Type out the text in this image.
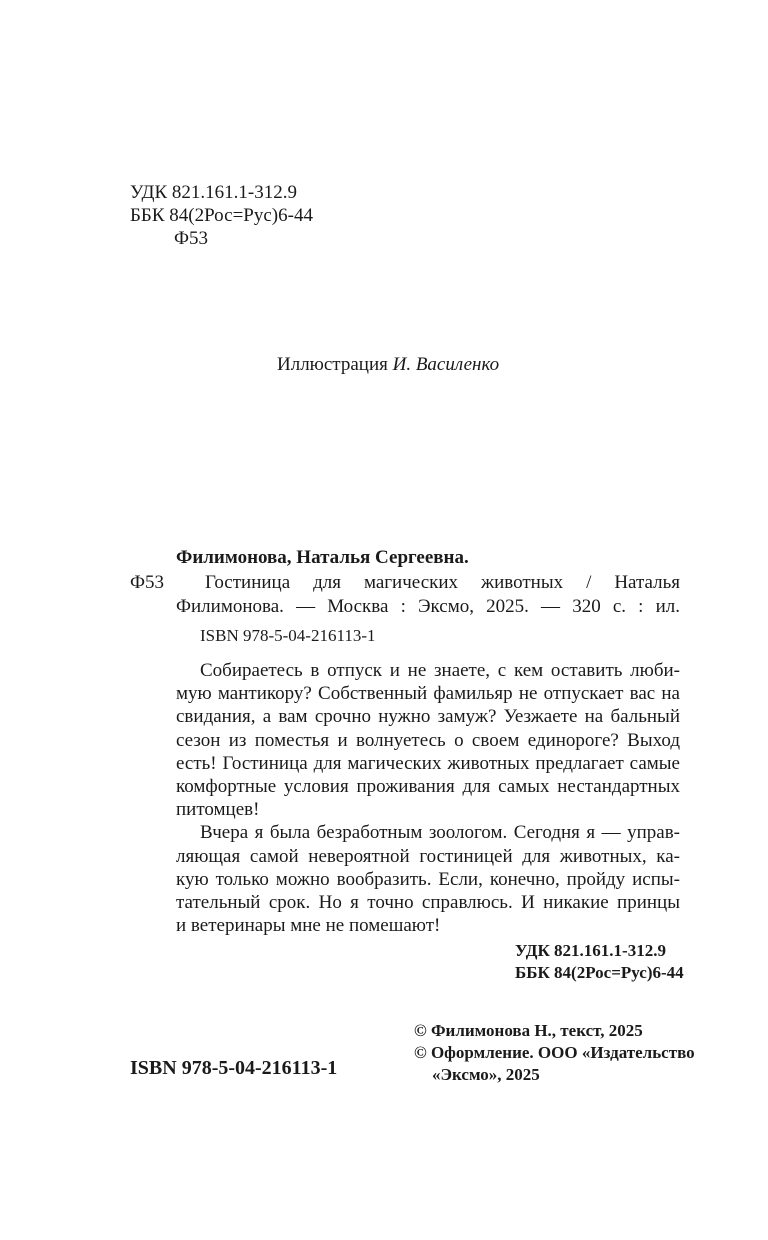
УДК 821.161.1-312.9
ББК 84(2Рос=Рус)6-44
Ф53
Иллюстрация И. Василенко
Филимонова, Наталья Сергеевна.
Ф53 Гостиница для магических животных / Наталья
Филимонова. — Москва : Эксмо, 2025. — 320 с. : ил.
ISBN 978-5-04-216113-1
Собираетесь в отпуск и не знаете, с кем оставить люби-
мую мантикору? Собственный фамильяр не отпускает вас на
свидания, а вам срочно нужно замуж? Уезжаете на бальный
сезон из поместья и волнуетесь о своем единороге? Выход
есть! Гостиница для магических животных предлагает самые
комфортные условия проживания для самых нестандартных
питомцев!
Вчера я была безработным зоологом. Сегодня я — управ-
ляющая самой невероятной гостиницей для животных, ка-
кую только можно вообразить. Если, конечно, пройду испы-
тательный срок. Но я точно справлюсь. И никакие принцы
и ветеринары мне не помешают!
УДК 821.161.1-312.9
ББК 84(2Рос=Рус)6-44
© Филимонова Н., текст, 2025
© Оформление. ООО «Издательство
«Эксмо», 2025
ISBN 978-5-04-216113-1
